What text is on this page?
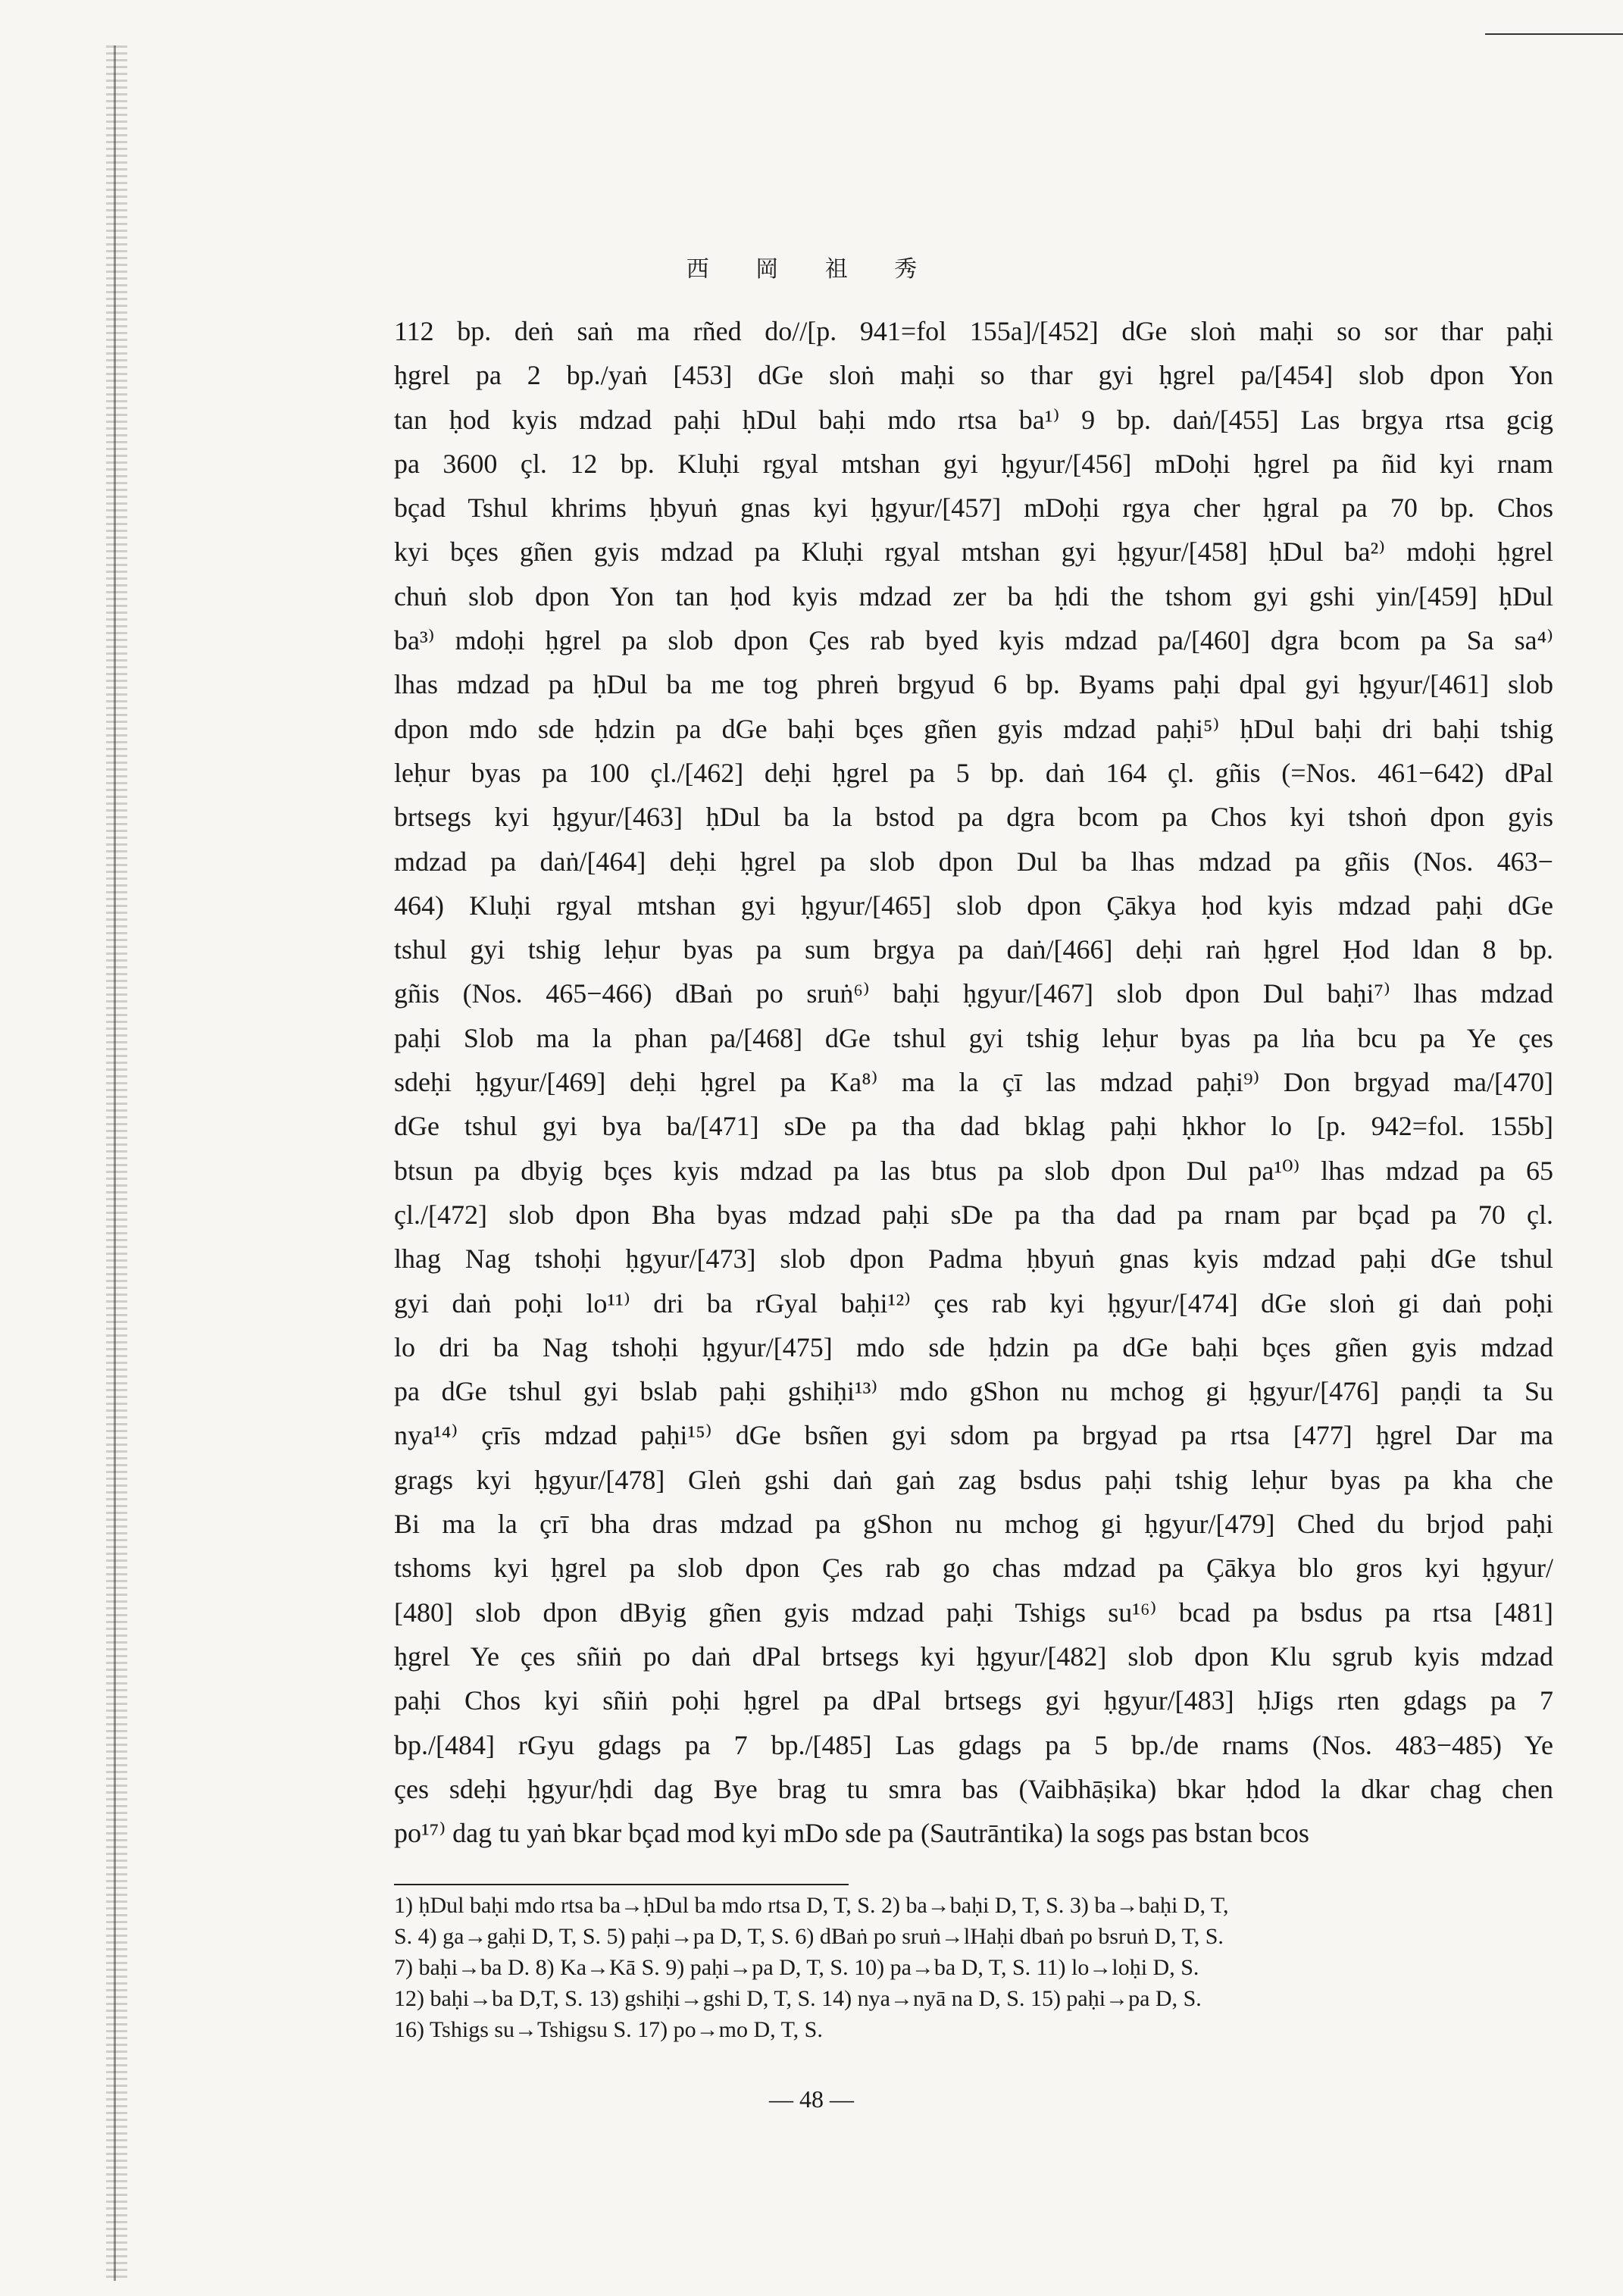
西 岡 祖 秀
112 bp. deṅ saṅ ma rñed do//[p. 941=fol 155a]/[452] dGe sloṅ maḥi so sor thar paḥi
ḥgrel pa 2 bp./yaṅ [453] dGe sloṅ maḥi so thar gyi ḥgrel pa/[454] slob dpon Yon
tan ḥod kyis mdzad paḥi ḥDul baḥi mdo rtsa ba¹⁾ 9 bp. daṅ/[455] Las brgya rtsa gcig
pa 3600 çl. 12 bp. Kluḥi rgyal mtshan gyi ḥgyur/[456] mDoḥi ḥgrel pa ñid kyi rnam
bçad Tshul khrims ḥbyuṅ gnas kyi ḥgyur/[457] mDoḥi rgya cher ḥgral pa 70 bp. Chos
kyi bçes gñen gyis mdzad pa Kluḥi rgyal mtshan gyi ḥgyur/[458] ḥDul ba²⁾ mdoḥi ḥgrel
chuṅ slob dpon Yon tan ḥod kyis mdzad zer ba ḥdi the tshom gyi gshi yin/[459] ḥDul
ba³⁾ mdoḥi ḥgrel pa slob dpon Çes rab byed kyis mdzad pa/[460] dgra bcom pa Sa sa⁴⁾
lhas mdzad pa ḥDul ba me tog phreṅ brgyud 6 bp. Byams paḥi dpal gyi ḥgyur/[461] slob
dpon mdo sde ḥdzin pa dGe baḥi bçes gñen gyis mdzad paḥi⁵⁾ ḥDul baḥi dri baḥi tshig
leḥur byas pa 100 çl./[462] deḥi ḥgrel pa 5 bp. daṅ 164 çl. gñis (=Nos. 461−642) dPal
brtsegs kyi ḥgyur/[463] ḥDul ba la bstod pa dgra bcom pa Chos kyi tshoṅ dpon gyis
mdzad pa daṅ/[464] deḥi ḥgrel pa slob dpon Dul ba lhas mdzad pa gñis (Nos. 463−
464) Kluḥi rgyal mtshan gyi ḥgyur/[465] slob dpon Çākya ḥod kyis mdzad paḥi dGe
tshul gyi tshig leḥur byas pa sum brgya pa daṅ/[466] deḥi raṅ ḥgrel Ḥod ldan 8 bp.
gñis (Nos. 465−466) dBaṅ po sruṅ⁶⁾ baḥi ḥgyur/[467] slob dpon Dul baḥi⁷⁾ lhas mdzad
paḥi Slob ma la phan pa/[468] dGe tshul gyi tshig leḥur byas pa lṅa bcu pa Ye çes
sdeḥi ḥgyur/[469] deḥi ḥgrel pa Ka⁸⁾ ma la çī las mdzad paḥi⁹⁾ Don brgyad ma/[470]
dGe tshul gyi bya ba/[471] sDe pa tha dad bklag paḥi ḥkhor lo [p. 942=fol. 155b]
btsun pa dbyig bçes kyis mdzad pa las btus pa slob dpon Dul pa¹⁰⁾ lhas mdzad pa 65
çl./[472] slob dpon Bha byas mdzad paḥi sDe pa tha dad pa rnam par bçad pa 70 çl.
lhag Nag tshoḥi ḥgyur/[473] slob dpon Padma ḥbyuṅ gnas kyis mdzad paḥi dGe tshul
gyi daṅ poḥi lo¹¹⁾ dri ba rGyal baḥi¹²⁾ çes rab kyi ḥgyur/[474] dGe sloṅ gi daṅ poḥi
lo dri ba Nag tshoḥi ḥgyur/[475] mdo sde ḥdzin pa dGe baḥi bçes gñen gyis mdzad
pa dGe tshul gyi bslab paḥi gshiḥi¹³⁾ mdo gShon nu mchog gi ḥgyur/[476] paṇḍi ta Su
nya¹⁴⁾ çrīs mdzad paḥi¹⁵⁾ dGe bsñen gyi sdom pa brgyad pa rtsa [477] ḥgrel Dar ma
grags kyi ḥgyur/[478] Gleṅ gshi daṅ gaṅ zag bsdus paḥi tshig leḥur byas pa kha che
Bi ma la çrī bha dras mdzad pa gShon nu mchog gi ḥgyur/[479] Ched du brjod paḥi
tshoms kyi ḥgrel pa slob dpon Çes rab go chas mdzad pa Çākya blo gros kyi ḥgyur/
[480] slob dpon dByig gñen gyis mdzad paḥi Tshigs su¹⁶⁾ bcad pa bsdus pa rtsa [481]
ḥgrel Ye çes sñiṅ po daṅ dPal brtsegs kyi ḥgyur/[482] slob dpon Klu sgrub kyis mdzad
paḥi Chos kyi sñiṅ poḥi ḥgrel pa dPal brtsegs gyi ḥgyur/[483] ḥJigs rten gdags pa 7
bp./[484] rGyu gdags pa 7 bp./[485] Las gdags pa 5 bp./de rnams (Nos. 483−485) Ye
çes sdeḥi ḥgyur/ḥdi dag Bye brag tu smra bas (Vaibhāṣika) bkar ḥdod la dkar chag chen
po¹⁷⁾ dag tu yaṅ bkar bçad mod kyi mDo sde pa (Sautrāntika) la sogs pas bstan bcos
1) ḥDul baḥi mdo rtsa ba→ḥDul ba mdo rtsa D, T, S. 2) ba→baḥi D, T, S. 3) ba→baḥi D, T,
S. 4) ga→gaḥi D, T, S. 5) paḥi→pa D, T, S. 6) dBaṅ po sruṅ→lHaḥi dbaṅ po bsruṅ D, T, S.
7) baḥi→ba D. 8) Ka→Kā S. 9) paḥi→pa D, T, S. 10) pa→ba D, T, S. 11) lo→loḥi D, S.
12) baḥi→ba D,T, S. 13) gshiḥi→gshi D, T, S. 14) nya→nyā na D, S. 15) paḥi→pa D, S.
16) Tshigs su→Tshigsu S. 17) po→mo D, T, S.
— 48 —
